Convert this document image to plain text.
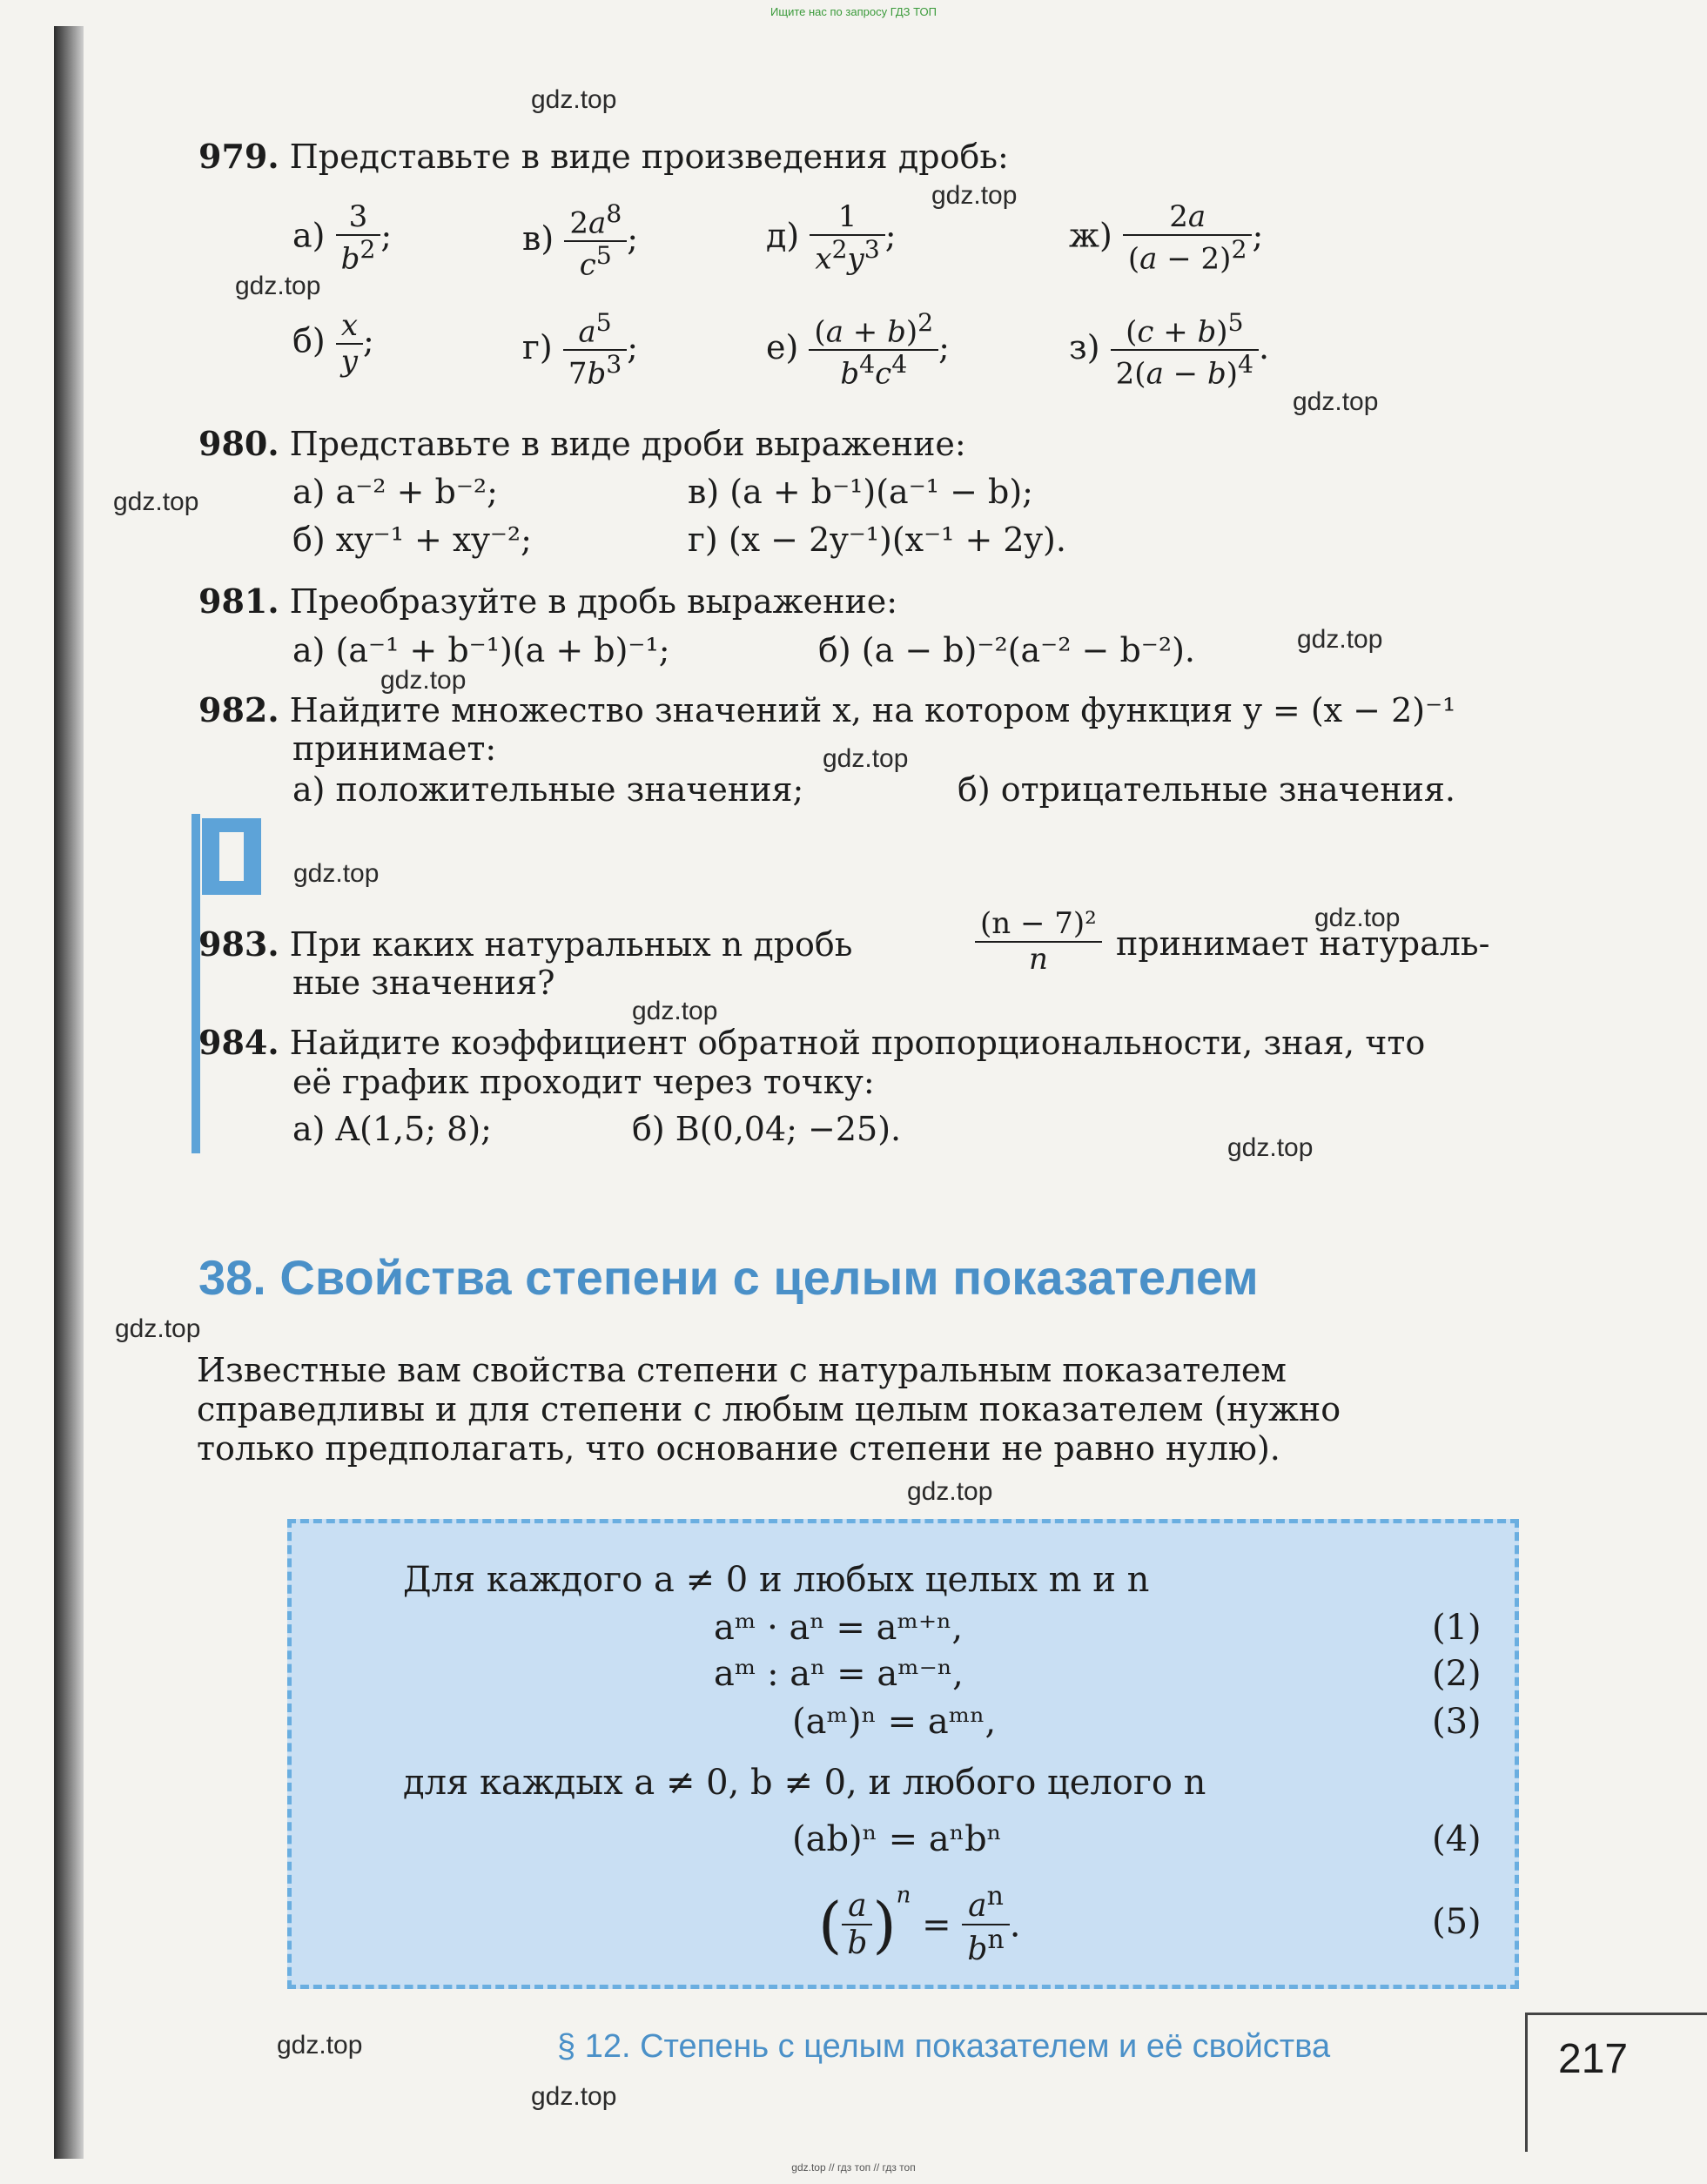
Ищите нас по запросу ГДЗ ТОП
gdz.top
gdz.top
gdz.top
gdz.top
gdz.top
gdz.top
gdz.top
gdz.top
gdz.top
gdz.top
gdz.top
gdz.top
gdz.top
gdz.top
gdz.top
gdz.top
979. Представьте в виде произведения дробь:
$а) \frac{3}{b^2}$ ;	$в) \frac{2a^8}{c^5}$ ;	$д) \frac{1}{x^2y^3}$ ;	$ж) \frac{2a}{(a - 2)^2}$ ;
$б) \frac{x}{y}$ ;	$г) \frac{a^5}{7b^3}$ ;	$е) \frac{(a + b)^2}{b^4c^4}$ ;	$з) \frac{(c + b)^5}{2(a - b)^4}$ .
980. Представьте в виде дроби выражение:
а) a⁻² + b⁻²;	в) (a + b⁻¹)(a⁻¹ − b);
б) xy⁻¹ + xy⁻²;	г) (x − 2y⁻¹)(x⁻¹ + 2y).
981. Преобразуйте в дробь выражение:
а) (a⁻¹ + b⁻¹)(a + b)⁻¹;	б) (a − b)⁻²(a⁻² − b⁻²).
982. Найдите множество значений x, на котором функция y = (x − 2)⁻¹
принимает:
а) положительные значения;	б) отрицательные значения.
983. При каких натуральных n дробь	$\frac{\text{(n − 7)²}}{n}$ принимает натураль-
ные значения?
984. Найдите коэффициент обратной пропорциональности, зная, что
её график проходит через точку:
а) A(1,5; 8);	б) B(0,04; −25).
38. Свойства степени с целым показателем
Известные вам свойства степени с натуральным показателем
справедливы и для степени с любым целым показателем (нужно
только предполагать, что основание степени не равно нулю).
Для каждого a ≠ 0 и любых целых m и n
aᵐ · aⁿ = aᵐ⁺ⁿ,	(1)
aᵐ : aⁿ = aᵐ⁻ⁿ,	(2)
(aᵐ)ⁿ = aᵐⁿ,	(3)
для каждых a ≠ 0, b ≠ 0, и любого целого n
(ab)ⁿ = aⁿbⁿ	(4)
( $\frac{a}{b} )^n = \frac{a^n}{b^n}$ .	(5)
§ 12. Степень с целым показателем и её свойства	217
gdz.top // гдз топ // гдз топ
